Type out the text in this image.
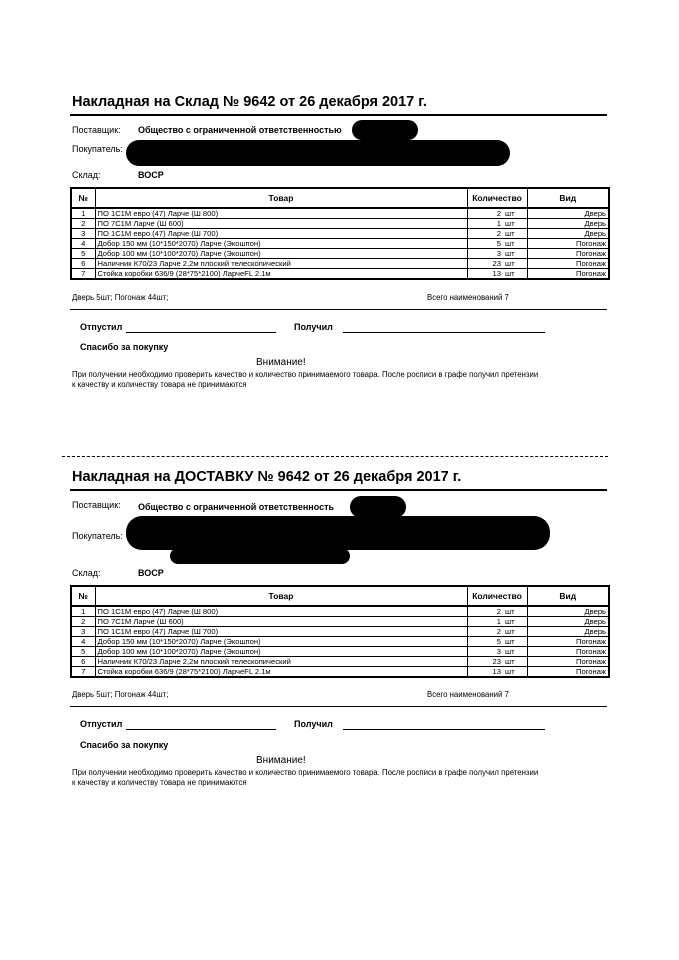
Накладная на Склад № 9642 от 26 декабря 2017 г.
Поставщик: Общество с ограниченной ответственностью
Покупатель:
Склад:	ВОСР
№	Товар	Количество		Вид
1	ПО 1С1М евро (47) Ларче (Ш 800)	2	шт	Дверь
2	ПО 7С1М Ларче (Ш 600)	1	шт	Дверь
3	ПО 1С1М евро (47) Ларче (Ш 700)	2	шт	Дверь
4	Добор 150 мм (10*150*2070) Ларче (Экошпон)	5	шт	Погонаж
5	Добор 100 мм (10*100*2070) Ларче (Экошпон)	3	шт	Погонаж
6	Наличник К70/23 Ларче 2,2м плоский телескопический	23	шт	Погонаж
7	Стойка коробки 636/9 (28*75*2100) ЛарчеFL 2.1м	13	шт	Погонаж
Дверь 5шт; Погонаж 44шт;	Всего наименований 7
Отпустил	Получил
Спасибо за покупку
Внимание!
При получении необходимо проверить качество и количество принимаемого товара. После росписи в графе получил претензии
к качеству и количеству товара не принимаются
Накладная на ДОСТАВКУ № 9642 от 26 декабря 2017 г.
Поставщик: Общество с ограниченной ответственность
Покупатель:
Склад:	ВОСР
№	Товар	Количество		Вид
1	ПО 1С1М евро (47) Ларче (Ш 800)	2	шт	Дверь
2	ПО 7С1М Ларче (Ш 600)	1	шт	Дверь
3	ПО 1С1М евро (47) Ларче (Ш 700)	2	шт	Дверь
4	Добор 150 мм (10*150*2070) Ларче (Экошпон)	5	шт	Погонаж
5	Добор 100 мм (10*100*2070) Ларче (Экошпон)	3	шт	Погонаж
6	Наличник К70/23 Ларче 2,2м плоский телескопический	23	шт	Погонаж
7	Стойка коробки 636/9 (28*75*2100) ЛарчеFL 2.1м	13	шт	Погонаж
Дверь 5шт; Погонаж 44шт;	Всего наименований 7
Отпустил	Получил
Спасибо за покупку
Внимание!
При получении необходимо проверить качество и количество принимаемого товара. После росписи в графе получил претензии
к качеству и количеству товара не принимаются
